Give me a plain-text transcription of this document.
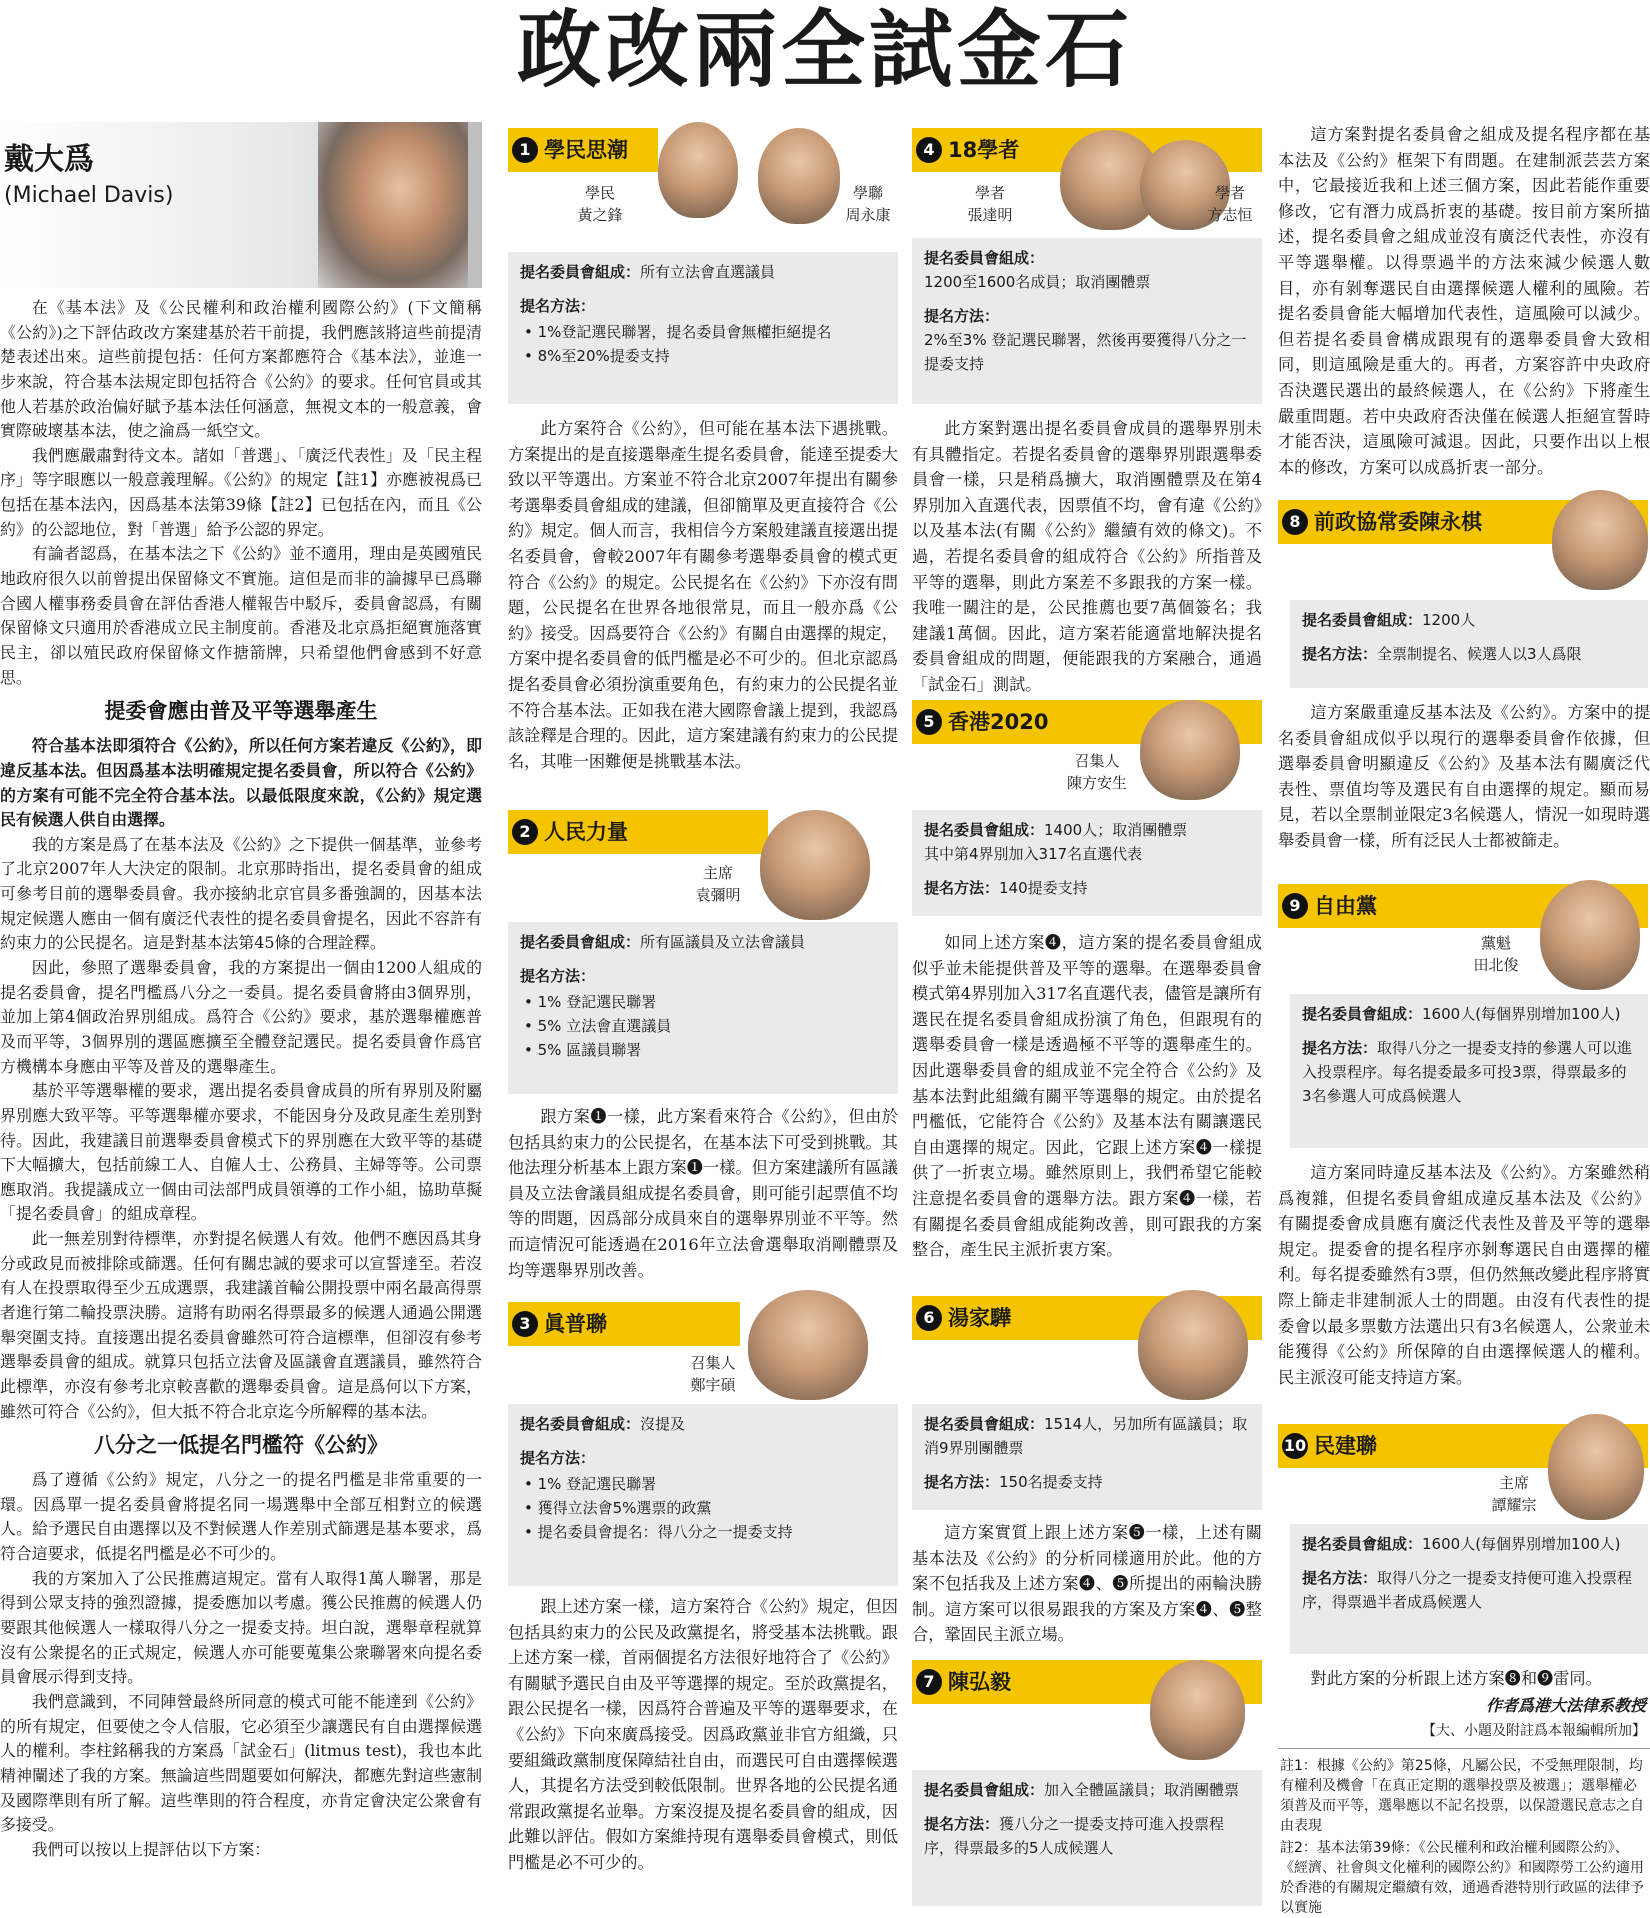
政改兩全試金石
戴大爲
(Michael Davis)

在《基本法》及《公民權利和政治權利國際公約》(下文簡稱《公約》)之下評估政改方案建基於若干前提，我們應該將這些前提清楚表述出來。這些前提包括：任何方案都應符合《基本法》，並進一步來說，符合基本法規定即包括符合《公約》的要求。任何官員或其他人若基於政治偏好賦予基本法任何涵意，無視文本的一般意義，會實際破壞基本法，使之淪爲一紙空文。

我們應嚴肅對待文本。諸如「普選」、「廣泛代表性」及「民主程序」等字眼應以一般意義理解。《公約》的規定【註1】亦應被視爲已包括在基本法內，因爲基本法第39條【註2】已包括在內，而且《公約》的公認地位，對「普選」給予公認的界定。

有論者認爲，在基本法之下《公約》並不適用，理由是英國殖民地政府很久以前曾提出保留條文不實施。這但是而非的論據早已爲聯合國人權事務委員會在評估香港人權報告中駁斥，委員會認爲，有關保留條文只適用於香港成立民主制度前。香港及北京爲拒絕實施落實民主，卻以殖民政府保留條文作搪箭牌，只希望他們會感到不好意思。

提委會應由普及平等選舉產生

符合基本法即須符合《公約》，所以任何方案若違反《公約》，即違反基本法。但因爲基本法明確規定提名委員會，所以符合《公約》的方案有可能不完全符合基本法。以最低限度來說，《公約》規定選民有候選人供自由選擇。

我的方案是爲了在基本法及《公約》之下提供一個基準，並參考了北京2007年人大決定的限制。北京那時指出，提名委員會的組成可參考目前的選舉委員會。我亦接納北京官員多番強調的，因基本法規定候選人應由一個有廣泛代表性的提名委員會提名，因此不容許有約束力的公民提名。這是對基本法第45條的合理詮釋。

因此，參照了選舉委員會，我的方案提出一個由1200人組成的提名委員會，提名門檻爲八分之一委員。提名委員會將由3個界別，並加上第4個政治界別組成。爲符合《公約》要求，基於選舉權應普及而平等，3個界別的選區應擴至全體登記選民。提名委員會作爲官方機構本身應由平等及普及的選舉產生。

基於平等選舉權的要求，選出提名委員會成員的所有界別及附屬界別應大致平等。平等選舉權亦要求，不能因身分及政見產生差別對待。因此，我建議目前選舉委員會模式下的界別應在大致平等的基礎下大幅擴大，包括前線工人、自僱人士、公務員、主婦等等。公司票應取消。我提議成立一個由司法部門成員領導的工作小組，協助草擬「提名委員會」的組成章程。

此一無差別對待標準，亦對提名候選人有效。他們不應因爲其身分或政見而被排除或篩選。任何有關忠誠的要求可以宣誓達至。若沒有人在投票取得至少五成選票，我建議首輪公開投票中兩名最高得票者進行第二輪投票決勝。這將有助兩名得票最多的候選人通過公開選舉突圍支持。直接選出提名委員會雖然可符合這標準，但卻沒有參考選舉委員會的組成。就算只包括立法會及區議會直選議員，雖然符合此標準，亦沒有參考北京較喜歡的選舉委員會。這是爲何以下方案，雖然可符合《公約》，但大抵不符合北京迄今所解釋的基本法。

八分之一低提名門檻符《公約》

爲了遵循《公約》規定，八分之一的提名門檻是非常重要的一環。因爲單一提名委員會將提名同一場選舉中全部互相對立的候選人。給予選民自由選擇以及不對候選人作差別式篩選是基本要求，爲符合這要求，低提名門檻是必不可少的。

我的方案加入了公民推薦這規定。當有人取得1萬人聯署，那是得到公眾支持的強烈證據，提委應加以考慮。獲公民推薦的候選人仍要跟其他候選人一樣取得八分之一提委支持。坦白說，選舉章程就算沒有公衆提名的正式規定，候選人亦可能要蒐集公衆聯署來向提名委員會展示得到支持。

我們意識到，不同陣營最終所同意的模式可能不能達到《公約》的所有規定，但要使之令人信服，它必須至少讓選民有自由選擇候選人的權利。李柱銘稱我的方案爲「試金石」(litmus test)，我也本此精神闡述了我的方案。無論這些問題要如何解決，都應先對這些憲制及國際準則有所了解。這些準則的符合程度，亦肯定會決定公衆會有多接受。

我們可以按以上提評估以下方案：

1 學民思潮
學民
黃之鋒
學聯
周永康
提名委員會組成：所有立法會直選議員
提名方法：
• 1%登記選民聯署，提名委員會無權拒絕提名
• 8%至20%提委支持

此方案符合《公約》，但可能在基本法下遇挑戰。方案提出的是直接選舉產生提名委員會，能達至提委大致以平等選出。方案並不符合北京2007年提出有關參考選舉委員會組成的建議，但卻簡單及更直接符合《公約》規定。個人而言，我相信今方案般建議直接選出提名委員會，會較2007年有關參考選舉委員會的模式更符合《公約》的規定。公民提名在《公約》下亦沒有問題，公民提名在世界各地很常見，而且一般亦爲《公約》接受。因爲要符合《公約》有關自由選擇的規定，方案中提名委員會的低門檻是必不可少的。但北京認爲提名委員會必須扮演重要角色，有約束力的公民提名並不符合基本法。正如我在港大國際會議上提到，我認爲該詮釋是合理的。因此，這方案建議有約束力的公民提名，其唯一困難便是挑戰基本法。

2 人民力量
主席
袁彌明
提名委員會組成：所有區議員及立法會議員
提名方法：
• 1% 登記選民聯署
• 5% 立法會直選議員
• 5% 區議員聯署

跟方案❶一樣，此方案看來符合《公約》，但由於包括具約束力的公民提名，在基本法下可受到挑戰。其他法理分析基本上跟方案❶一樣。但方案建議所有區議員及立法會議員組成提名委員會，則可能引起票值不均等的問題，因爲部分成員來自的選舉界別並不平等。然而這情況可能透過在2016年立法會選舉取消剛體票及均等選舉界別改善。

3 眞普聯
召集人
鄭宇碩
提名委員會組成：沒提及
提名方法：
• 1% 登記選民聯署
• 獲得立法會5%選票的政黨
• 提名委員會提名：得八分之一提委支持

跟上述方案一樣，這方案符合《公約》規定，但因包括具約束力的公民及政黨提名，將受基本法挑戰。跟上述方案一樣，首兩個提名方法很好地符合了《公約》有關賦予選民自由及平等選擇的規定。至於政黨提名，跟公民提名一樣，因爲符合普遍及平等的選舉要求，在《公約》下向來廣爲接受。因爲政黨並非官方組織，只要組織政黨制度保障結社自由，而選民可自由選擇候選人，其提名方法受到較低限制。世界各地的公民提名通常跟政黨提名並舉。方案沒提及提名委員會的組成，因此難以評估。假如方案維持現有選舉委員會模式，則低門檻是必不可少的。

4 18學者
學者
張達明
學者
方志恒
提名委員會組成：
1200至1600名成員；取消團體票
提名方法：
2%至3% 登記選民聯署，然後再要獲得八分之一提委支持

此方案對選出提名委員會成員的選舉界別未有具體指定。若提名委員會的選舉界別跟選舉委員會一樣，只是稍爲擴大，取消團體票及在第4界別加入直選代表，因票值不均，會有違《公約》以及基本法(有關《公約》繼續有效的條文)。不過，若提名委員會的組成符合《公約》所指普及平等的選舉，則此方案差不多跟我的方案一樣。我唯一關注的是，公民推薦也要7萬個簽名；我建議1萬個。因此，這方案若能適當地解決提名委員會組成的問題，便能跟我的方案融合，通過「試金石」測試。

5 香港2020
召集人
陳方安生
提名委員會組成：1400人；取消團體票
其中第4界別加入317名直選代表
提名方法：140提委支持

如同上述方案❹，這方案的提名委員會組成似乎並未能提供普及平等的選舉。在選舉委員會模式第4界別加入317名直選代表，儘管是讓所有選民在提名委員會組成扮演了角色，但跟現有的選舉委員會一樣是透過極不平等的選舉產生的。因此選舉委員會的組成並不完全符合《公約》及基本法對此組織有關平等選舉的規定。由於提名門檻低，它能符合《公約》及基本法有關讓選民自由選擇的規定。因此，它跟上述方案❹一樣提供了一折衷立場。雖然原則上，我們希望它能較注意提名委員會的選舉方法。跟方案❹一樣，若有關提名委員會組成能夠改善，則可跟我的方案整合，產生民主派折衷方案。

6 湯家驊
提名委員會組成：1514人，另加所有區議員；取消9界別團體票
提名方法：150名提委支持

這方案實質上跟上述方案❺一樣，上述有關基本法及《公約》的分析同樣適用於此。他的方案不包括我及上述方案❹、❺所提出的兩輪決勝制。這方案可以很易跟我的方案及方案❹、❺整合，鞏固民主派立場。

7 陳弘毅
提名委員會組成：加入全體區議員；取消團體票
提名方法：獲八分之一提委支持可進入投票程序，得票最多的5人成候選人

這方案對提名委員會之組成及提名程序都在基本法及《公約》框架下有問題。在建制派芸芸方案中，它最接近我和上述三個方案，因此若能作重要修改，它有潛力成爲折衷的基礎。按目前方案所描述，提名委員會之組成並沒有廣泛代表性，亦沒有平等選舉權。以得票過半的方法來減少候選人數目，亦有剝奪選民自由選擇候選人權利的風險。若提名委員會能大幅增加代表性，這風險可以減少。但若提名委員會構成跟現有的選舉委員會大致相同，則這風險是重大的。再者，方案容許中央政府否決選民選出的最終候選人，在《公約》下將產生嚴重問題。若中央政府否決僅在候選人拒絕宣誓時才能否決，這風險可減退。因此，只要作出以上根本的修改，方案可以成爲折衷一部分。

8 前政協常委陳永棋
提名委員會組成：1200人
提名方法：全票制提名、候選人以3人爲限

這方案嚴重違反基本法及《公約》。方案中的提名委員會組成似乎以現行的選舉委員會作依據，但選舉委員會明顯違反《公約》及基本法有關廣泛代表性、票值均等及選民有自由選擇的規定。顯而易見，若以全票制並限定3名候選人，情況一如現時選舉委員會一樣，所有泛民人士都被篩走。

9 自由黨
黨魁
田北俊
提名委員會組成：1600人(每個界別增加100人)
提名方法：取得八分之一提委支持的參選人可以進入投票程序。每名提委最多可投3票，得票最多的3名參選人可成爲候選人

這方案同時違反基本法及《公約》。方案雖然稍爲複雜，但提名委員會組成違反基本法及《公約》有關提委會成員應有廣泛代表性及普及平等的選舉規定。提委會的提名程序亦剝奪選民自由選擇的權利。每名提委雖然有3票，但仍然無改變此程序將實際上篩走非建制派人士的問題。由沒有代表性的提委會以最多票數方法選出只有3名候選人，公衆並未能獲得《公約》所保障的自由選擇候選人的權利。民主派沒可能支持這方案。

10 民建聯
主席
譚耀宗
提名委員會組成：1600人(每個界別增加100人)
提名方法：取得八分之一提委支持便可進入投票程序，得票過半者成爲候選人

對此方案的分析跟上述方案❽和❾雷同。

作者爲港大法律系教授
【大、小題及附註爲本報編輯所加】
註1：根據《公約》第25條，凡屬公民，不受無理限制，均有權利及機會「在真正定期的選舉投票及被選」；選舉權必須普及而平等，選舉應以不記名投票，以保證選民意志之自由表現
註2：基本法第39條：《公民權利和政治權利國際公約》、《經濟、社會與文化權利的國際公約》和國際勞工公約適用於香港的有關規定繼續有效，通過香港特別行政區的法律予以實施
